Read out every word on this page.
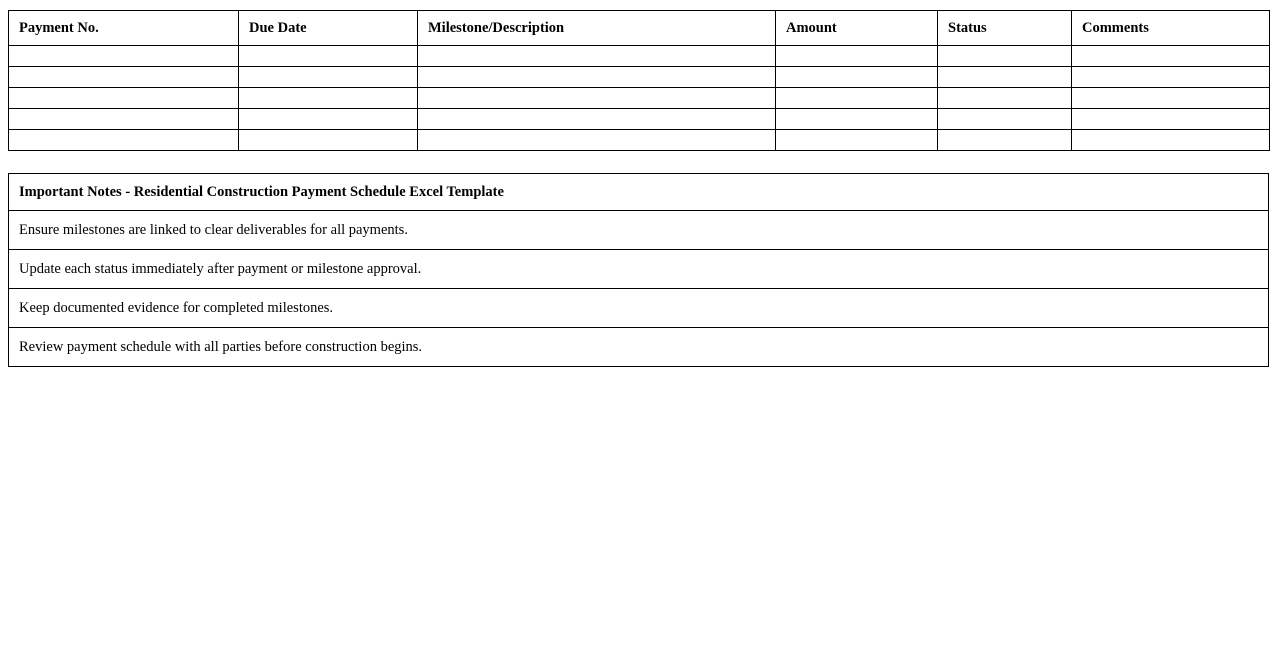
Payment No.	Due Date	Milestone/Description	Amount	Status	Comments

Important Notes - Residential Construction Payment Schedule Excel Template
Ensure milestones are linked to clear deliverables for all payments.
Update each status immediately after payment or milestone approval.
Keep documented evidence for completed milestones.
Review payment schedule with all parties before construction begins.
